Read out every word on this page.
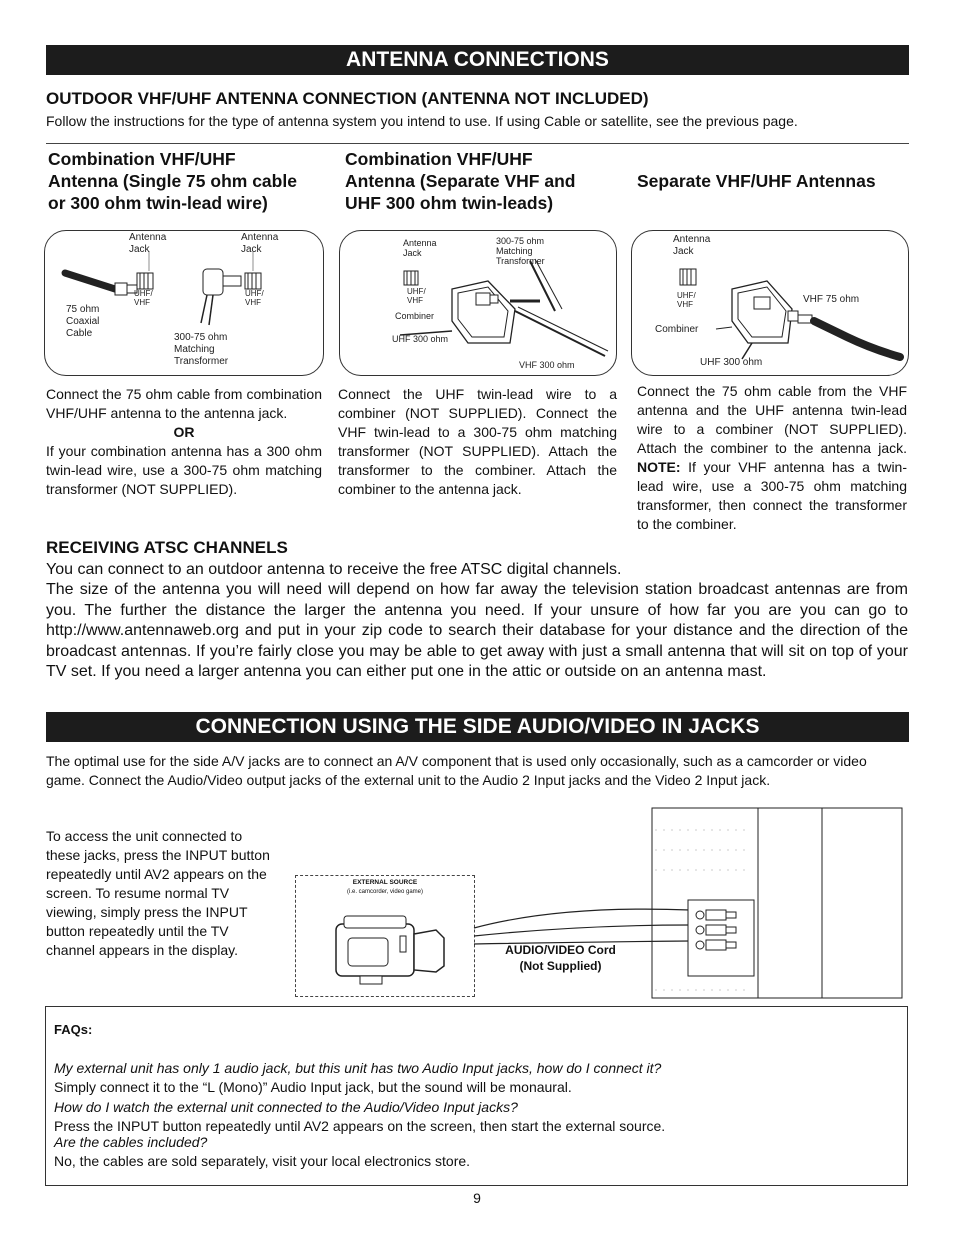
ANTENNA CONNECTIONS
OUTDOOR VHF/UHF ANTENNA CONNECTION (ANTENNA NOT INCLUDED)
Follow the instructions for the type of antenna system you intend to use. If using Cable or satellite, see the previous page.
Combination VHF/UHF
Antenna (Single 75 ohm cable
or 300 ohm twin-lead wire)
Combination VHF/UHF
Antenna (Separate VHF and
UHF 300 ohm twin-leads)
Separate VHF/UHF Antennas
Antenna
Jack
Antenna
Jack
UHF/
VHF
UHF/
VHF
75 ohm
Coaxial
Cable	300-75 ohm
Matching
Transformer
Antenna
Jack
300-75 ohm
Matching
Transformer
UHF/
VHF
Combiner
UHF 300 ohm
VHF 300 ohm
Antenna
Jack
UHF/
VHF
Combiner
VHF 75 ohm
UHF 300 ohm
Connect the 75 ohm cable from combination VHF/UHF antenna to the antenna jack.
OR
If your combination antenna has a 300 ohm twin-lead wire, use a 300-75 ohm matching transformer (NOT SUPPLIED).
Connect the UHF twin-lead wire to a combiner (NOT SUPPLIED). Connect the VHF twin-lead to a 300-75 ohm matching transformer (NOT SUPPLIED). Attach the transformer to the combiner. Attach the combiner to the antenna jack.
Connect the 75 ohm cable from the VHF antenna and the UHF antenna twin-lead wire to a combiner (NOT SUPPLIED). Attach the combiner to the antenna jack. NOTE: If your VHF antenna has a twin-lead wire, use a 300-75 ohm matching transformer, then connect the transformer to the combiner.
RECEIVING ATSC CHANNELS
You can connect to an outdoor antenna to receive the free ATSC digital channels.
The size of the antenna you will need will depend on how far away the television station broadcast antennas are from you. The further the distance the larger the antenna you need. If your unsure of how far you are you can go to http://www.antennaweb.org and put in your zip code to search their database for your distance and the direction of the broadcast antennas. If you’re fairly close you may be able to get away with just a small antenna that will sit on top of your TV set. If you need a larger antenna you can either put one in the attic or outside on an antenna mast.
CONNECTION USING THE SIDE AUDIO/VIDEO IN JACKS
The optimal use for the side A/V jacks are to connect an A/V component that is used only occasionally, such as a camcorder or video game. Connect the Audio/Video output jacks of the external unit to the Audio 2 Input jacks and the Video 2 Input jack.
To access the unit connected to these jacks, press the INPUT button repeatedly until AV2 appears on the screen. To resume normal TV viewing, simply press the INPUT button repeatedly until the TV channel appears in the display.
EXTERNAL SOURCE
(i.e. camcorder, video game)
AUDIO/VIDEO Cord
(Not Supplied)
FAQs:
My external unit has only 1 audio jack, but this unit has two Audio Input jacks, how do I connect it?
Simply connect it to the “L (Mono)” Audio Input jack, but the sound will be monaural.
How do I watch the external unit connected to the Audio/Video Input jacks?
Press the INPUT button repeatedly until AV2 appears on the screen, then start the external source.
Are the cables included?
No, the cables are sold separately, visit your local electronics store.
9
